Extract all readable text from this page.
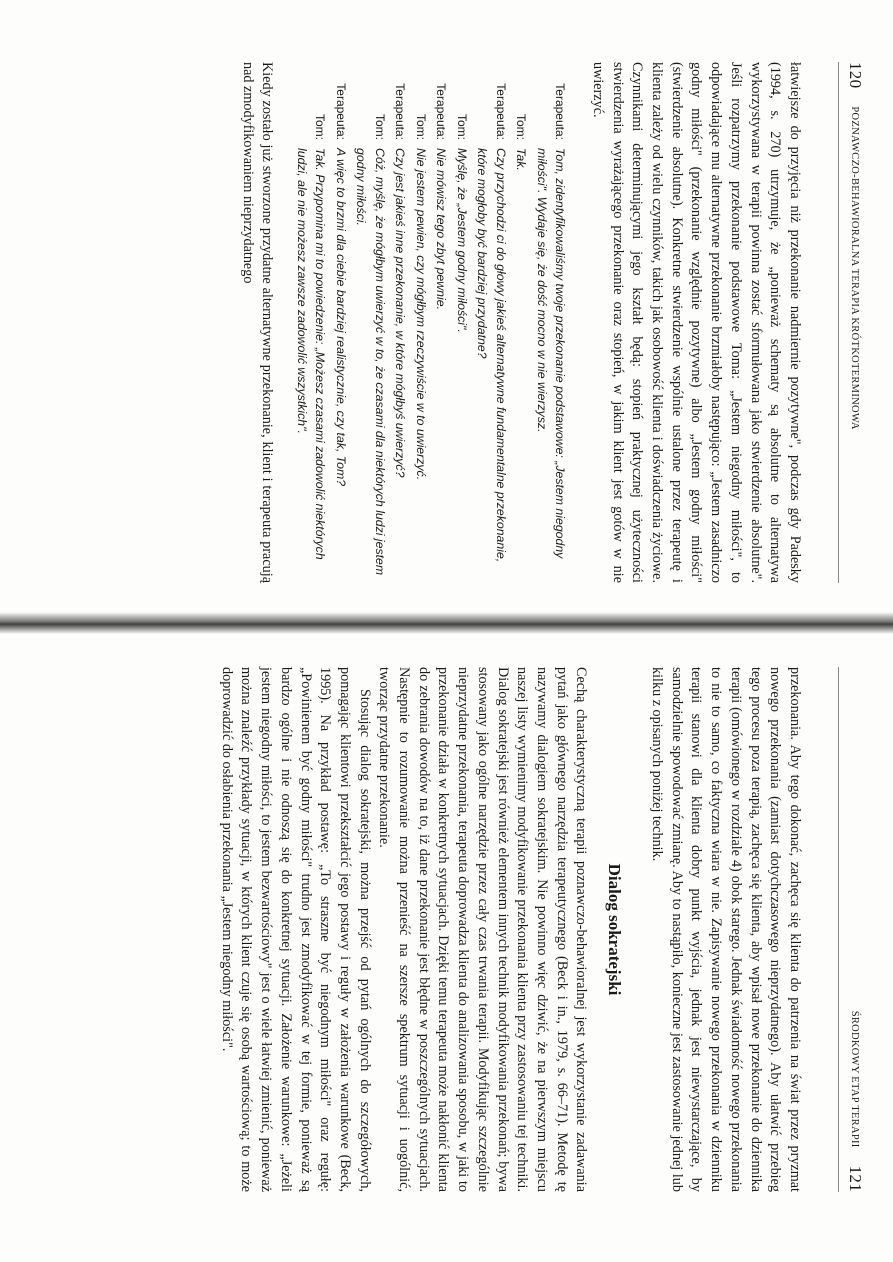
120
POZNAWCZO-BEHAWIORALNA TERAPIA KRÓTKOTERMINOWA

łatwiejsze do przyjęcia niż przekonanie nadmiernie pozytywne", podczas gdy Padesky (1994, s. 270) utrzymuje, że „ponieważ schematy są absolutne to alternatywa wykorzystywana w terapii powinna zostać sformułowana jako stwierdzenie absolutne". Jeśli rozpatrzymy przekonanie podstawowe Toma: „Jestem niegodny miłości", to odpowiadające mu alternatywne przekonanie brzmiałoby następująco: „Jestem zasadniczo godny miłości" (przekonanie względnie pozytywne) albo „Jestem godny miłości" (stwierdzenie absolutne). Konkretne stwierdzenie wspólnie ustalone przez terapeutę i klienta zależy od wielu czynników, takich jak osobowość klienta i doświadczenia życiowe. Czynnikami determinującymi jego kształt będą: stopień praktycznej użyteczności stwierdzenia wyrażającego przekonanie oraz stopień, w jakim klient jest gotów w nie uwierzyć.

Terapeuta:
Tom, zidentyfikowaliśmy twoje przekonanie podstawowe: „Jestem niegodny miłości". Wydaje się, że dość mocno w nie wierzysz.
Tom:
Tak.
Terapeuta:
Czy przychodzi ci do głowy jakieś alternatywne fundamentalne przekonanie, które mogłoby być bardziej przydatne?
Tom:
Myślę, że „Jestem godny miłości".
Terapeuta:
Nie mówisz tego zbyt pewnie.
Tom:
Nie jestem pewien, czy mógłbym rzeczywiście w to uwierzyć.
Terapeuta:
Czy jest jakieś inne przekonanie, w które mógłbyś uwierzyć?
Tom:
Cóż, myślę, że mógłbym uwierzyć w to, że czasami dla niektórych ludzi jestem godny miłości.
Terapeuta:
A więc to brzmi dla ciebie bardziej realistycznie, czy tak, Tom?
Tom:
Tak. Przypomina mi to powiedzenie: „Możesz czasami zadowolić niektórych ludzi, ale nie możesz zawsze zadowolić wszystkich".

Kiedy zostało już stworzone przydatne alternatywne przekonanie, klient i terapeuta pracują nad zmodyfikowaniem nieprzydatnego

ŚRODKOWY ETAP TERAPII
121

przekonania. Aby tego dokonać, zachęca się klienta do patrzenia na świat przez pryzmat nowego przekonania (zamiast dotychczasowego nieprzydatnego). Aby ułatwić przebieg tego procesu poza terapią, zachęca się klienta, aby wpisał nowe przekonanie do dziennika terapii (omówionego w rozdziale 4) obok starego. Jednak świadomość nowego przekonania to nie to samo, co faktyczna wiara w nie. Zapisywanie nowego przekonania w dzienniku terapii stanowi dla klienta dobry punkt wyjścia, jednak jest niewystarczające, by samodzielnie spowodować zmianę. Aby to nastąpiło, konieczne jest zastosowanie jednej lub kilku z opisanych poniżej technik.

Dialog sokratejski

Cechą charakterystyczną terapii poznawczo-behawioralnej jest wykorzystanie zadawania pytań jako głównego narzędzia terapeutycznego (Beck i in., 1979, s. 66–71). Metodę tę nazywamy dialogiem sokratejskim. Nie powinno więc dziwić, że na pierwszym miejscu naszej listy wymienimy modyfikowanie przekonania klienta przy zastosowaniu tej techniki. Dialog sokratejski jest również elementem innych technik modyfikowania przekonań; bywa stosowany jako ogólne narzędzie przez cały czas trwania terapii. Modyfikując szczególnie nieprzydatne przekonania, terapeuta doprowadza klienta do analizowania sposobu, w jaki to przekonanie działa w konkretnych sytuacjach. Dzięki temu terapeuta może nakłonić klienta do zebrania dowodów na to, iż dane przekonanie jest błędne w poszczególnych sytuacjach. Następnie to rozumowanie można przenieść na szersze spektrum sytuacji i uogólnić, tworząc przydatne przekonanie.

Stosując dialog sokratejski, można przejść od pytań ogólnych do szczegółowych, pomagając klientowi przekształcić jego postawy i reguły w założenia warunkowe (Beck, 1995). Na przykład postawę: „To straszne być niegodnym miłości" oraz regułę: „Powinienem być godny miłości" trudno jest zmodyfikować w tej formie, ponieważ są bardzo ogólne i nie odnoszą się do konkretnej sytuacji. Założenie warunkowe: „Jeżeli jestem niegodny miłości, to jestem bezwartościowy" jest o wiele łatwiej zmienić, ponieważ można znaleźć przykłady sytuacji, w których klient czuje się osobą wartościową; to może doprowadzić do osłabienia przekonania „Jestem niegodny miłości".
